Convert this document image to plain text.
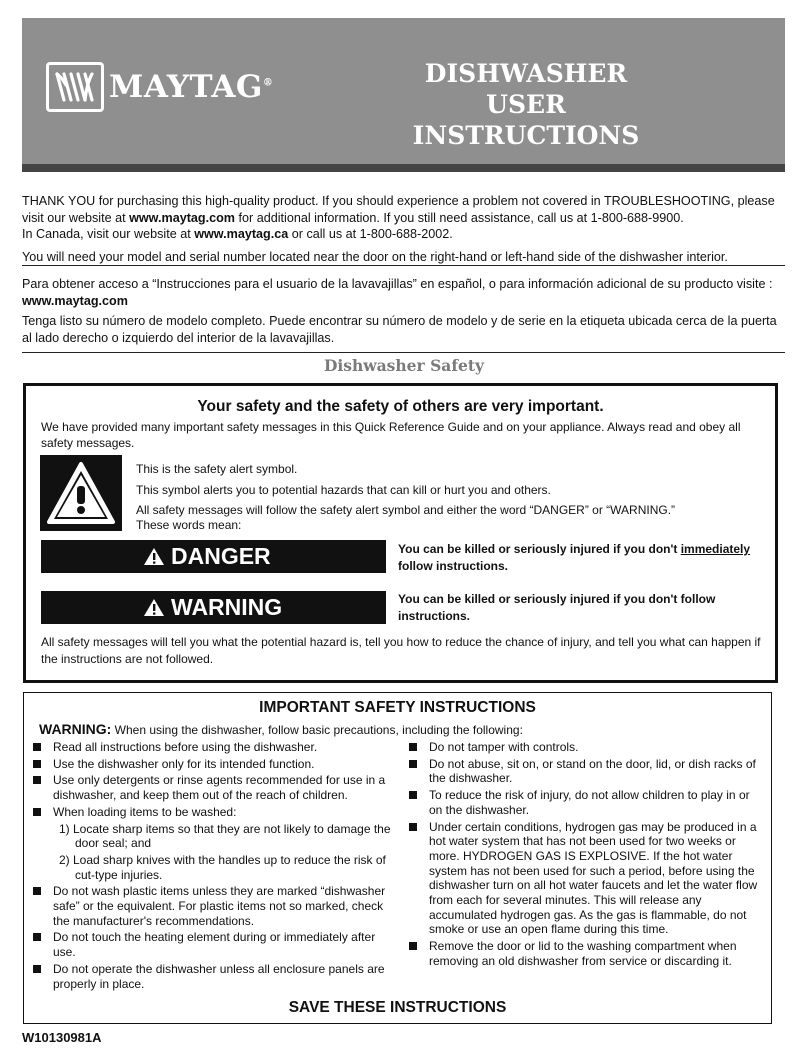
MAYTAG®	DISHWASHER
USER INSTRUCTIONS

THANK YOU for purchasing this high-quality product. If you should experience a problem not covered in TROUBLESHOOTING, please visit our website at www.maytag.com for additional information. If you still need assistance, call us at 1-800-688-9900.
In Canada, visit our website at www.maytag.ca or call us at 1-800-688-2002.

You will need your model and serial number located near the door on the right-hand or left-hand side of the dishwasher interior.

Para obtener acceso a “Instrucciones para el usuario de la lavavajillas” en español, o para información adicional de su producto visite : www.maytag.com

Tenga listo su número de modelo completo. Puede encontrar su número de modelo y de serie en la etiqueta ubicada cerca de la puerta al lado derecho o izquierdo del interior de la lavavajillas.

Dishwasher Safety
Your safety and the safety of others are very important.
We have provided many important safety messages in this Quick Reference Guide and on your appliance. Always read and obey all safety messages.
This is the safety alert symbol.
This symbol alerts you to potential hazards that can kill or hurt you and others.
All safety messages will follow the safety alert symbol and either the word “DANGER” or “WARNING.”
These words mean:
DANGER	You can be killed or seriously injured if you don't immediately follow instructions.
WARNING	You can be killed or seriously injured if you don't follow instructions.
All safety messages will tell you what the potential hazard is, tell you how to reduce the chance of injury, and tell you what can happen if the instructions are not followed.
IMPORTANT SAFETY INSTRUCTIONS
WARNING: When using the dishwasher, follow basic precautions, including the following:
Read all instructions before using the dishwasher.
Use the dishwasher only for its intended function.
Use only detergents or rinse agents recommended for use in a dishwasher, and keep them out of the reach of children.
When loading items to be washed:
1) Locate sharp items so that they are not likely to damage the door seal; and
2) Load sharp knives with the handles up to reduce the risk of cut-type injuries.
Do not wash plastic items unless they are marked “dishwasher safe” or the equivalent. For plastic items not so marked, check the manufacturer's recommendations.
Do not touch the heating element during or immediately after use.
Do not operate the dishwasher unless all enclosure panels are properly in place.
Do not tamper with controls.
Do not abuse, sit on, or stand on the door, lid, or dish racks of the dishwasher.
To reduce the risk of injury, do not allow children to play in or on the dishwasher.
Under certain conditions, hydrogen gas may be produced in a hot water system that has not been used for two weeks or more. HYDROGEN GAS IS EXPLOSIVE. If the hot water system has not been used for such a period, before using the dishwasher turn on all hot water faucets and let the water flow from each for several minutes. This will release any accumulated hydrogen gas. As the gas is flammable, do not smoke or use an open flame during this time.
Remove the door or lid to the washing compartment when removing an old dishwasher from service or discarding it.
SAVE THESE INSTRUCTIONS
W10130981A
